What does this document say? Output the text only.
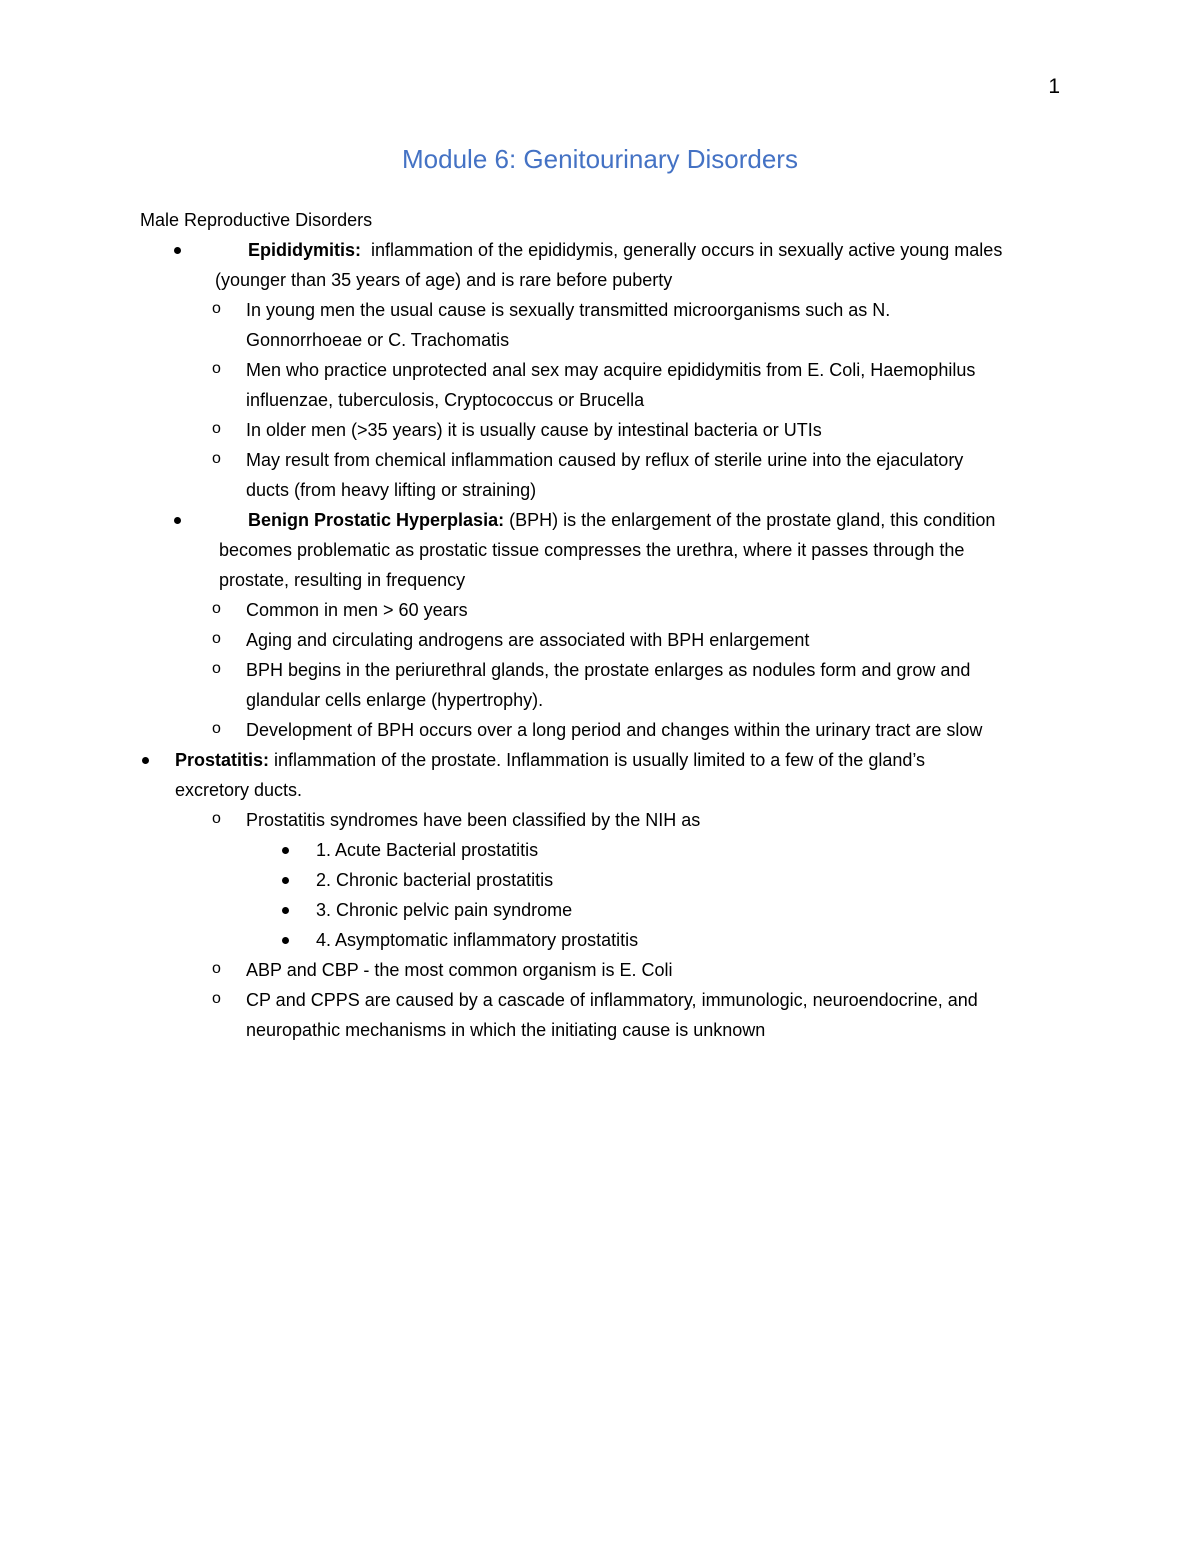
1
Module 6: Genitourinary Disorders

Male Reproductive Disorders

Epididymitis:  inflammation of the epididymis, generally occurs in sexually active young males
(younger than 35 years of age) and is rare before puberty
o	In young men the usual cause is sexually transmitted microorganisms such as N.
Gonnorrhoeae or C. Trachomatis
o	Men who practice unprotected anal sex may acquire epididymitis from E. Coli, Haemophilus
influenzae, tuberculosis, Cryptococcus or Brucella
o	In older men (>35 years) it is usually cause by intestinal bacteria or UTIs
o	May result from chemical inflammation caused by reflux of sterile urine into the ejaculatory
ducts (from heavy lifting or straining)
Benign Prostatic Hyperplasia: (BPH) is the enlargement of the prostate gland, this condition
becomes problematic as prostatic tissue compresses the urethra, where it passes through the
prostate, resulting in frequency
o	Common in men > 60 years
o	Aging and circulating androgens are associated with BPH enlargement
o	BPH begins in the periurethral glands, the prostate enlarges as nodules form and grow and
glandular cells enlarge (hypertrophy).
o	Development of BPH occurs over a long period and changes within the urinary tract are slow
Prostatitis: inflammation of the prostate. Inflammation is usually limited to a few of the gland’s
excretory ducts.
o	Prostatitis syndromes have been classified by the NIH as
1. Acute Bacterial prostatitis
2. Chronic bacterial prostatitis
3. Chronic pelvic pain syndrome
4. Asymptomatic inflammatory prostatitis
o	ABP and CBP - the most common organism is E. Coli
o	CP and CPPS are caused by a cascade of inflammatory, immunologic, neuroendocrine, and
neuropathic mechanisms in which the initiating cause is unknown
